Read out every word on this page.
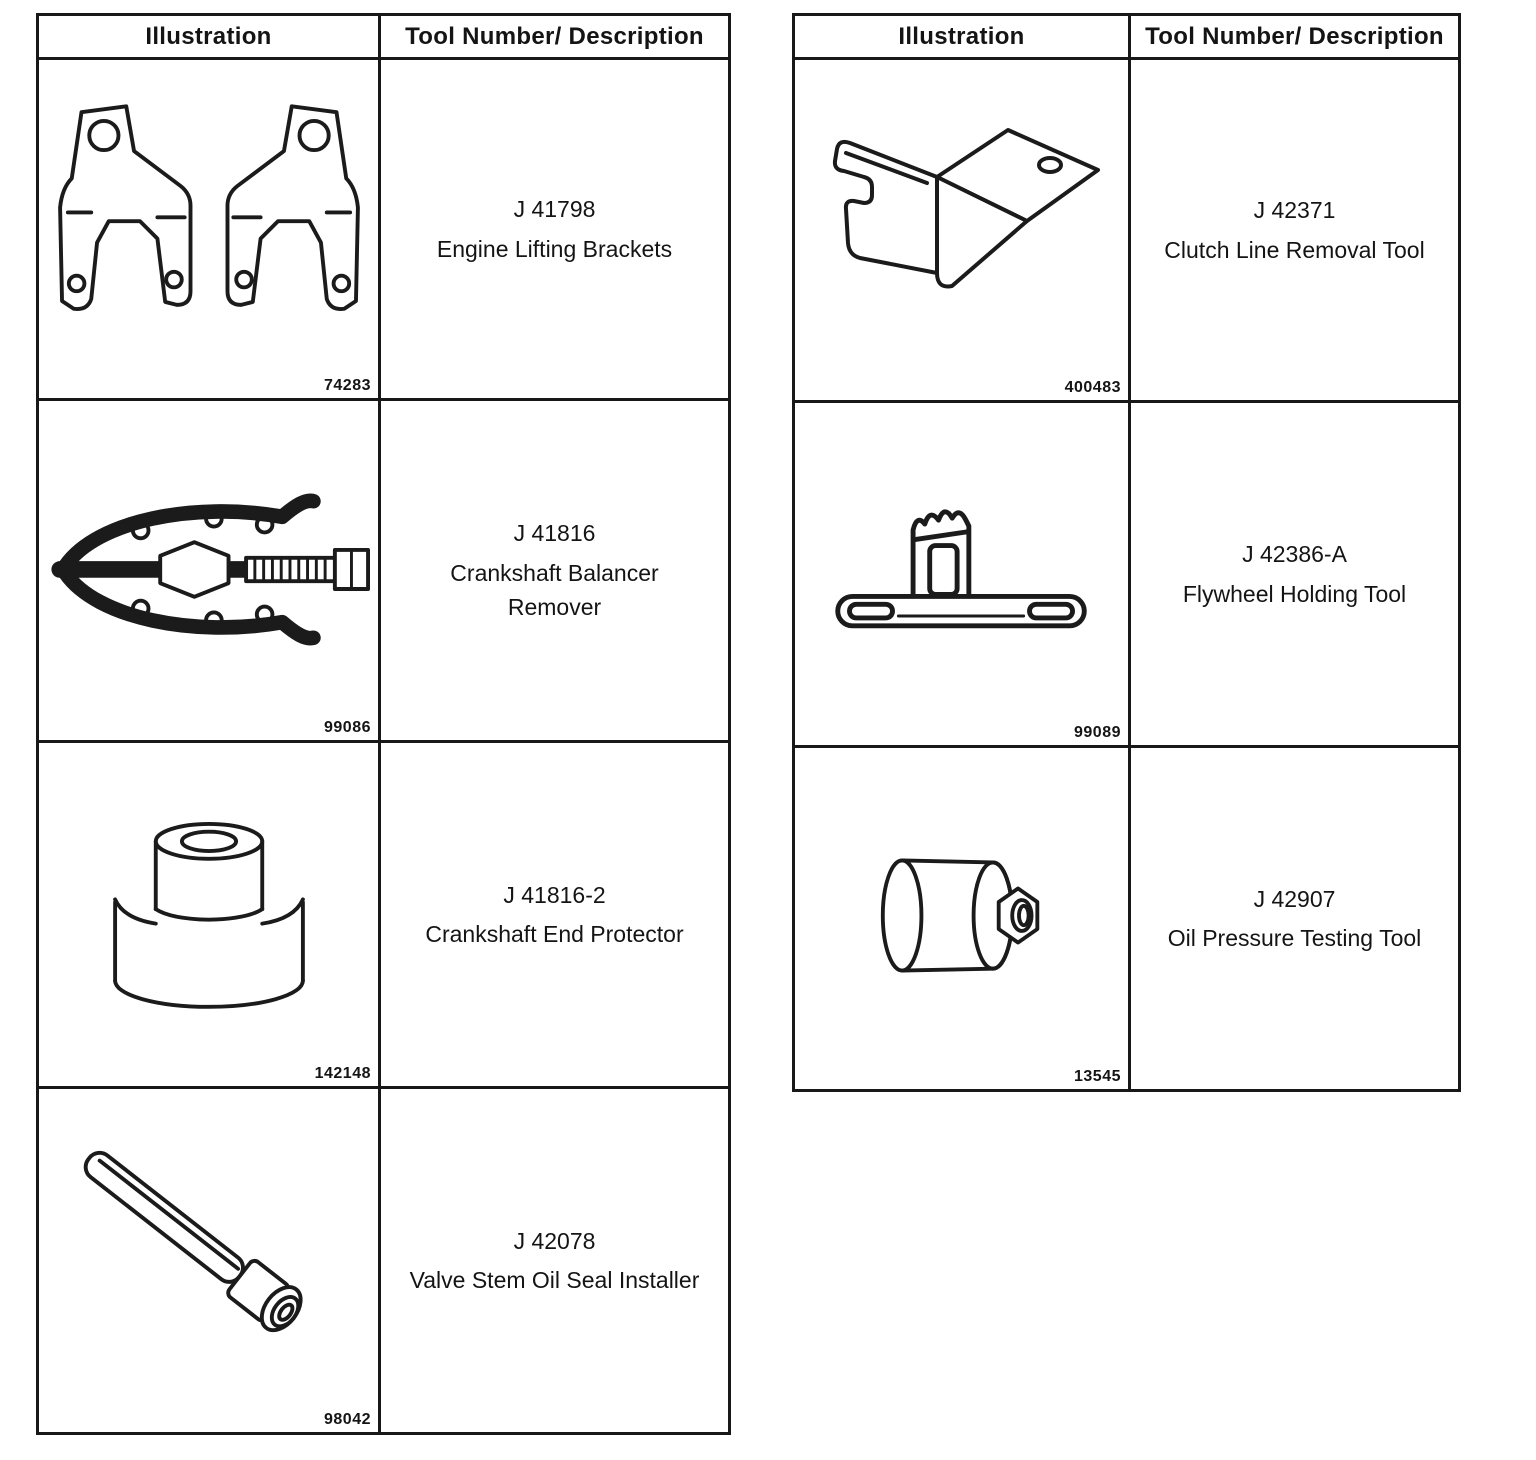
Illustration	Tool Number/ Description

74283	J 41798
Engine Lifting Brackets

99086	J 41816
Crankshaft Balancer Remover

142148	J 41816-2
Crankshaft End Protector

98042	J 42078
Valve Stem Oil Seal Installer
Illustration	Tool Number/ Description

400483	J 42371
Clutch Line Removal Tool

99089	J 42386-A
Flywheel Holding Tool

13545	J 42907
Oil Pressure Testing Tool
